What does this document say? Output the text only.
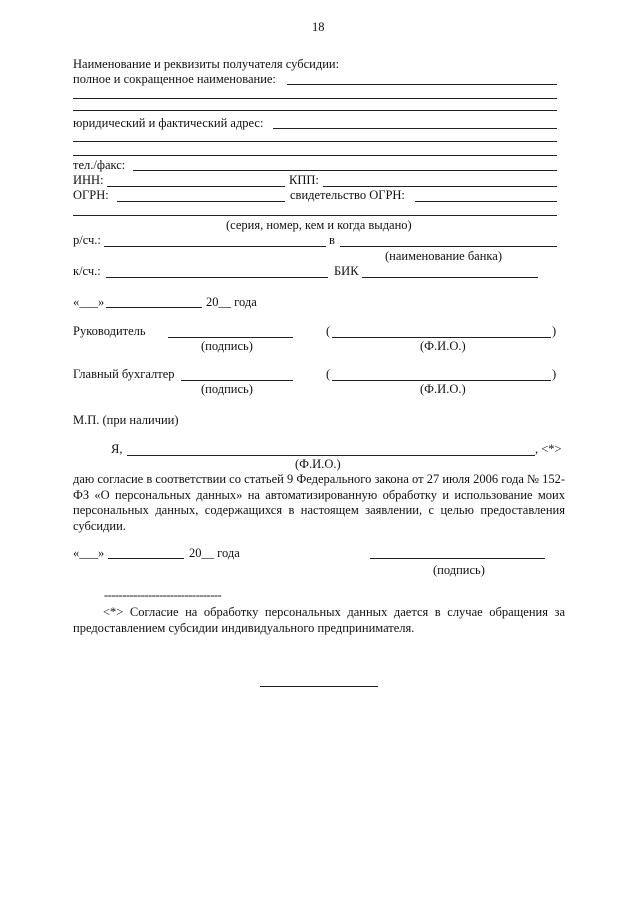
18
Наименование и реквизиты получателя субсидии:
полное и сокращенное наименование:
юридический и фактический адрес:
тел./факс:
ИНН:	КПП:
ОГРН:	свидетельство ОГРН:
(серия, номер, кем и когда выдано)
р/сч.:	в
(наименование банка)
к/сч.:	БИК
«___»	20__ года
Руководитель	(	)
(подпись)	(Ф.И.О.)
Главный бухгалтер	(	)
(подпись)	(Ф.И.О.)
М.П. (при наличии)
Я,	, <*>
(Ф.И.О.)
даю согласие в соответствии со статьей 9 Федерального закона от 27 июля 2006 года № 152-ФЗ «О персональных данных» на автоматизированную обработку и использование моих персональных данных, содержащихся в настоящем заявлении, с целью предоставления субсидии.
«___»	20__ года
(подпись)
--------------------------------
<*> Согласие на обработку персональных данных дается в случае обращения за предоставлением субсидии индивидуального предпринимателя.
